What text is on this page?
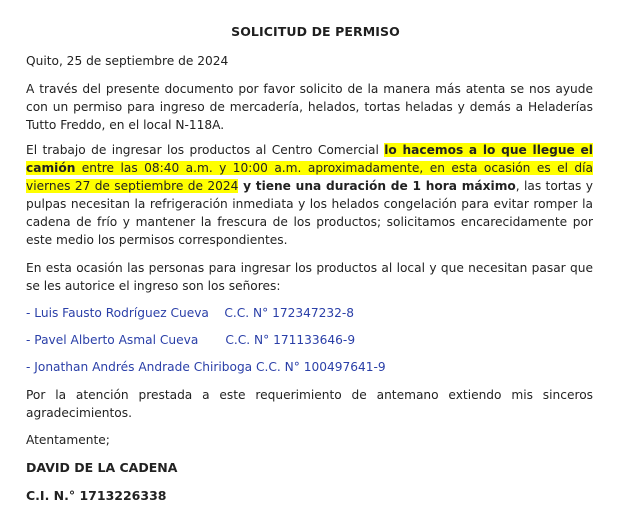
SOLICITUD DE PERMISO
Quito, 25 de septiembre de 2024
A través del presente documento por favor solicito de la manera más atenta se nos ayude con un permiso para ingreso de mercadería, helados, tortas heladas y demás a Heladerías Tutto Freddo, en el local N-118A.
El trabajo de ingresar los productos al Centro Comercial lo hacemos a lo que llegue el camión entre las 08:40 a.m. y 10:00 a.m. aproximadamente, en esta ocasión es el día viernes 27 de septiembre de 2024 y tiene una duración de 1 hora máximo, las tortas y pulpas necesitan la refrigeración inmediata y los helados congelación para evitar romper la cadena de frío y mantener la frescura de los productos; solicitamos encarecidamente por este medio los permisos correspondientes.
En esta ocasión las personas para ingresar los productos al local y que necesitan pasar que se les autorice el ingreso son los señores:
- Luis Fausto Rodríguez Cueva    C.C. N° 172347232-8
- Pavel Alberto Asmal Cueva       C.C. N° 171133646-9
- Jonathan Andrés Andrade Chiriboga C.C. N° 100497641-9
Por la atención prestada a este requerimiento de antemano extiendo mis sinceros agradecimientos.
Atentamente;
DAVID DE LA CADENA
C.I. N.° 1713226338
